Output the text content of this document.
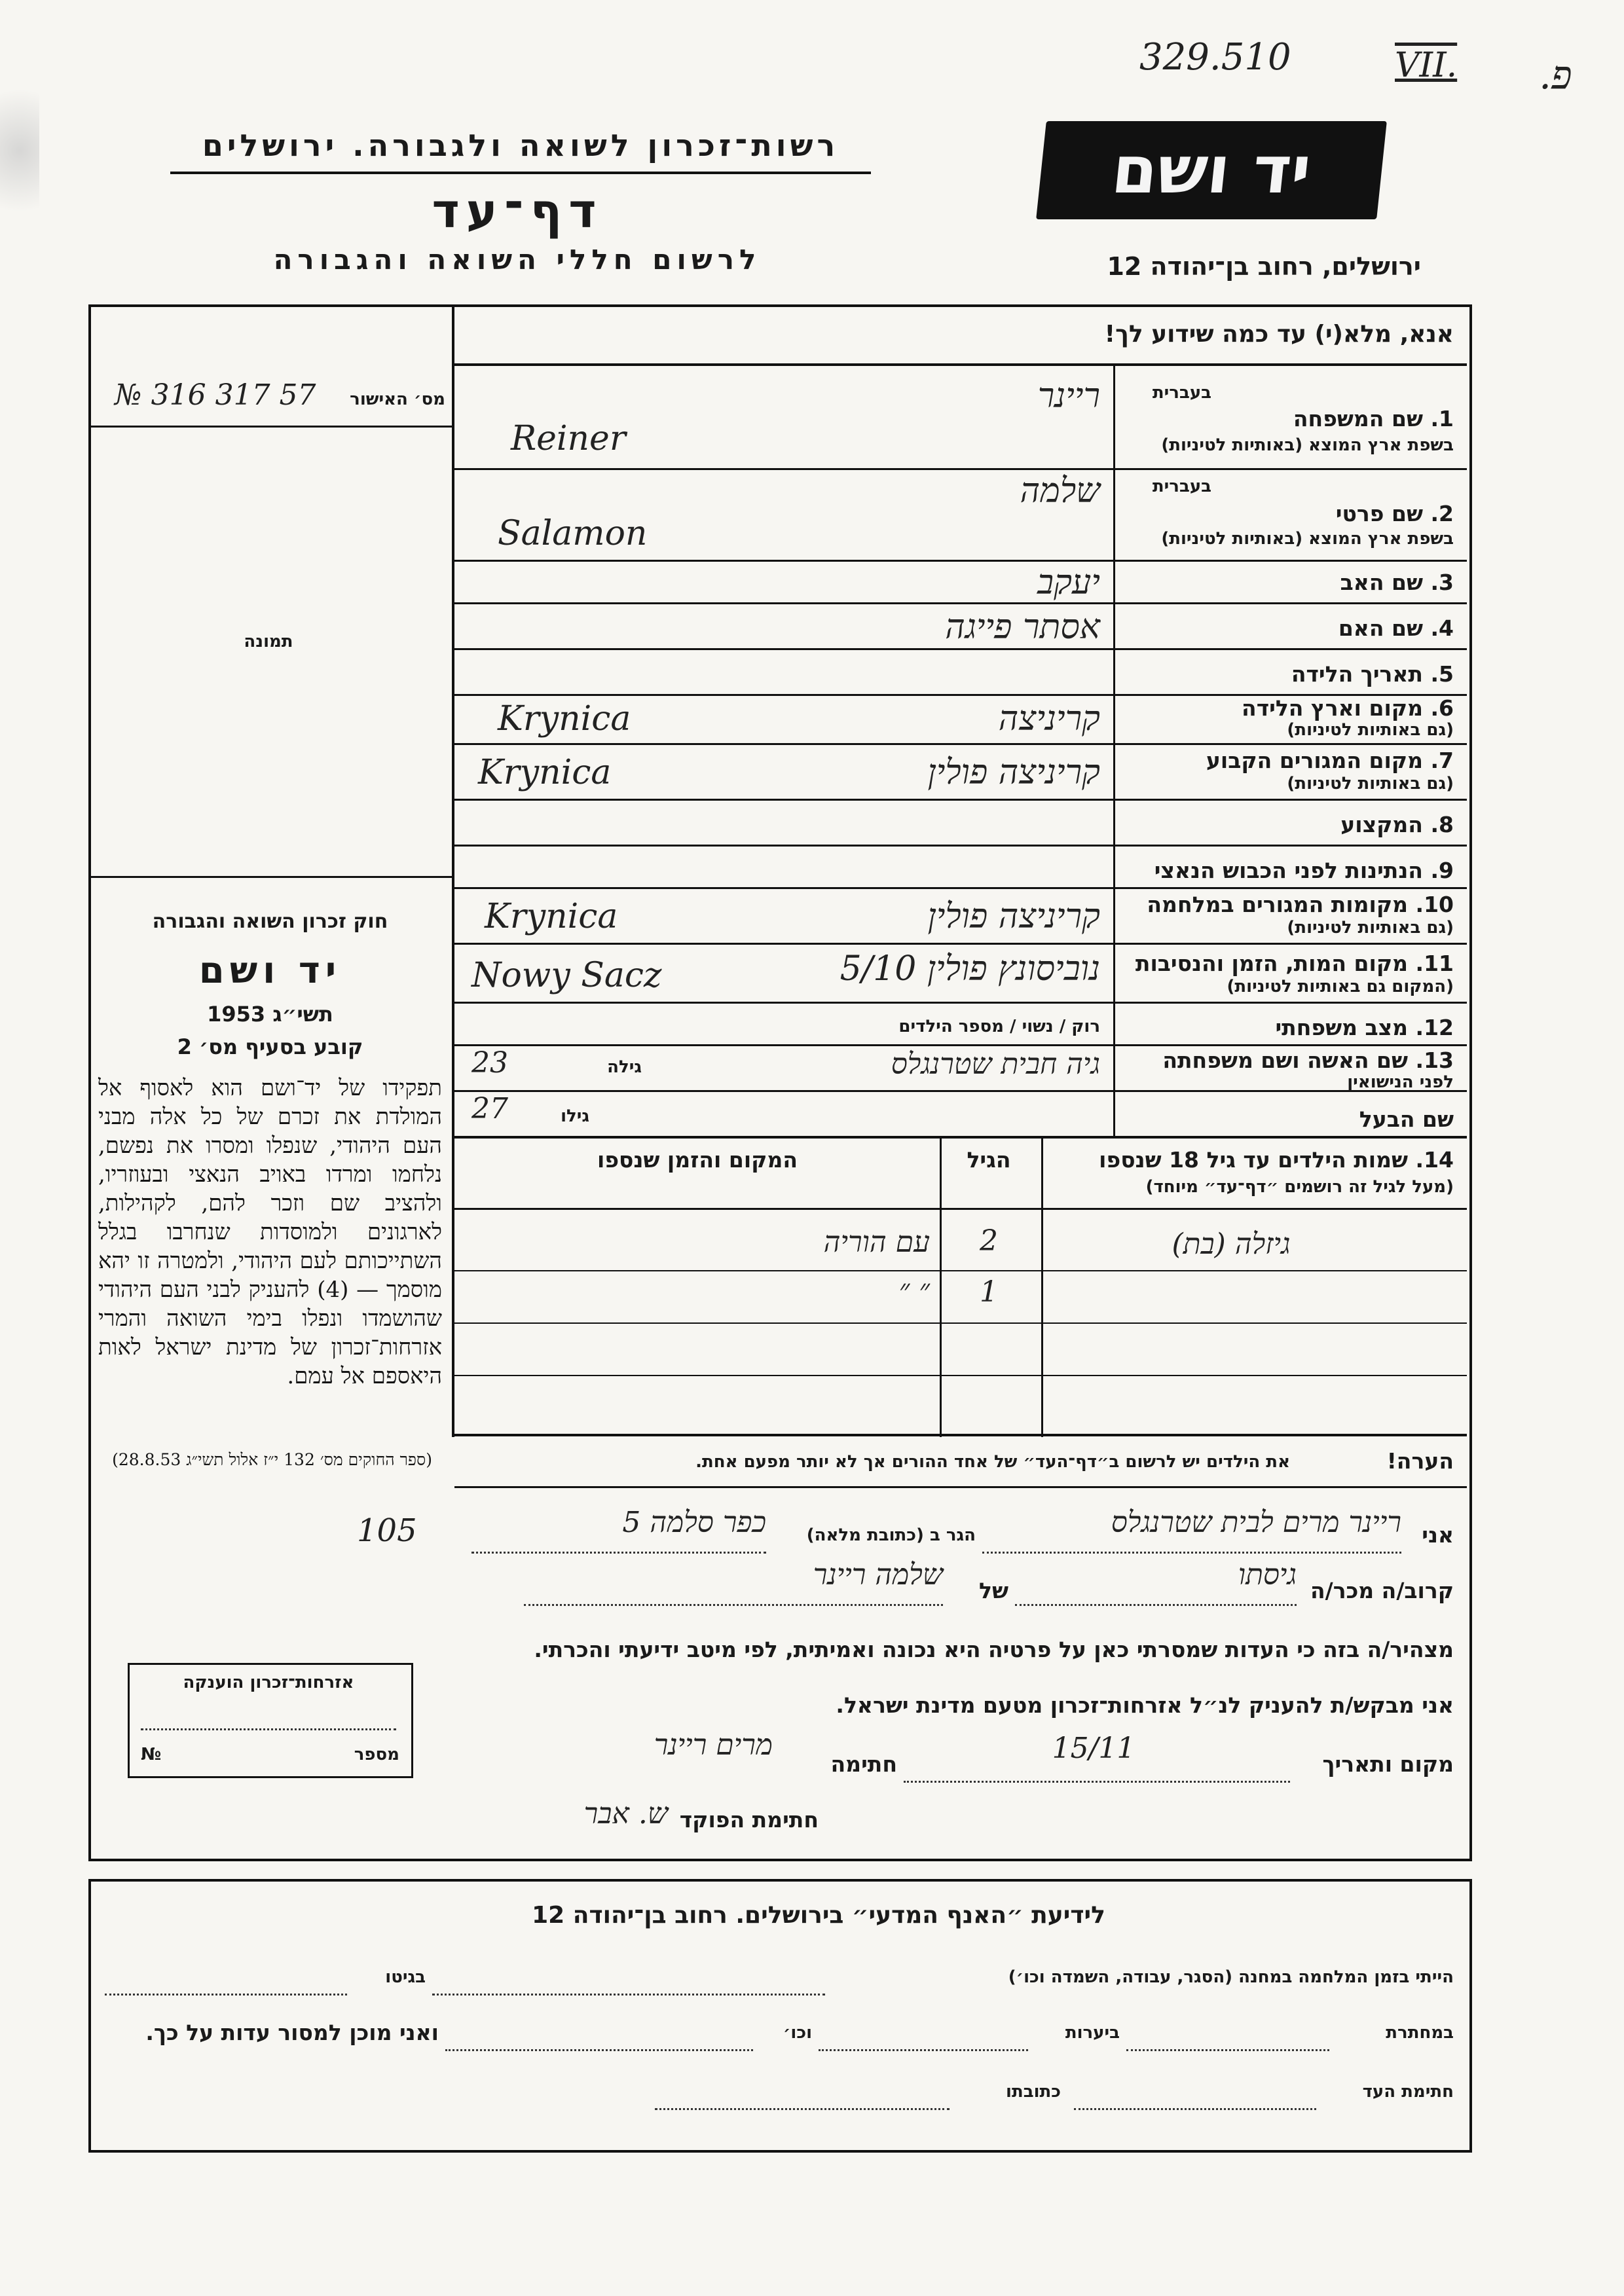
329.510	VII. פ.
רשות־זכרון לשואה ולגבורה. ירושלים
דף־עד
לרשום חללי השואה והגבורה
יד ושם
ירושלים, רחוב בן־יהודה 12
אנא, מלא(י) עד כמה שידוע לך!
מס׳ האישור
№ 316 317 57
תמונה
חוק זכרון השואה והגבורה
יד ושם
תשי״ג 1953
קובע בסעיף מס׳ 2
תפקידו של יד־ושם הוא לאסוף אל המולדת את זכרם של כל אלה מבני העם היהודי, שנפלו ומסרו את נפשם, נלחמו ומרדו באויב הנאצי ובעוזריו, ולהציב שם וזכר להם, לקהילות, לארגונים ולמוסדות שנחרבו בגלל השתייכותם לעם היהודי, ולמטרה זו יהא מוסמך — (4) להעניק לבני העם היהודי שהושמדו ונפלו בימי השואה והמרי אזרחות־זכרון של מדינת ישראל לאות היאספם אל עמם.
(ספר החוקים מס׳ 132 י״ז אלול תשי״ג 28.8.53)
בעברית
1. שם המשפחה
בשפת ארץ המוצא (באותיות לטיניות)
ריינר
Reiner
בעברית
2. שם פרטי
בשפת ארץ המוצא (באותיות לטיניות)
שלמה
Salamon
3. שם האב
יעקב
4. שם האם
אסתר פייגה
5. תאריך הלידה
6. מקום וארץ הלידה
(גם באותיות לטיניות)
קריניצה
Krynica
7. מקום המגורים הקבוע
(גם באותיות לטיניות)
קריניצה פולין
Krynica
8. המקצוע
9. הנתינות לפני הכבוש הנאצי
10. מקומות המגורים במלחמה
(גם באותיות לטיניות)
קריניצה פולין
Krynica
11. מקום המות, הזמן והנסיבות
(המקום גם באותיות לטיניות)
נוביסונץ פולין 5/10
Nowy Sacz
12. מצב משפחתי
רוק / נשוי / מספר הילדים
13. שם האשה ושם משפחתה
לפני הנישואין
גיה חבית שטרנגלס
גילה
23
שם הבעל
גילו
27
14. שמות הילדים עד גיל 18 שנספו
(מעל לגיל זה רושמים ״דף־עד״ מיוחד)
הגיל
המקום והזמן שנספו
גיזלה (בת)
2
עם הוריה
1
״ ״
הערה!
את הילדים יש לרשום ב״דף־העד״ של אחד ההורים אך לא יותר מפעם אחת.
105	אני
ריינר מרים לבית שטרנגלס
הגר ב (כתובת מלאה)
כפר סלמה 5
קרוב/ה מכר/ה
גיסתו
של
שלמה ריינר
מצהיר/ה בזה כי העדות שמסרתי כאן על פרטיה היא נכונה ואמיתית, לפי מיטב ידיעתי והכרתי.
אני מבקש/ת להעניק לנ״ל אזרחות־זכרון מטעם מדינת ישראל.
מקום ותאריך
15/11
חתימה
מרים ריינר
חתימת הפוקד
ש. אבר
אזרחות־זכרון הוענקה
מספר
№
לידיעת ״האנף המדעי״ בירושלים. רחוב בן־יהודה 12
הייתי בזמן המלחמה במחנה (הסגר, עבודה, השמדה וכו׳)
בגיטו
במחתרת
ביערות
וכו׳
ואני מוכן למסור עדות על כך.
חתימת העד
כתובתו
